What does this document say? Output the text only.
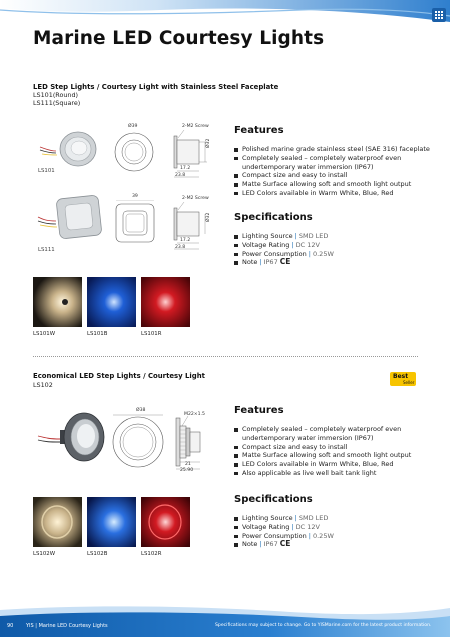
Marine LED Courtesy Lights
LED Step Lights / Courtesy Light with Stainless Steel Faceplate
LS101(Round)
LS111(Square)
LS101
Ø39	2-M2 Screw
Ø32
17.2
23.8
LS111
39	2-M2 Screw
Ø32
17.2
23.8
Features
Polished marine grade stainless steel (SAE 316) faceplate
Completely sealed – completely waterproof even undertemporary water immersion (IP67)
Compact size and easy to install
Matte Surface allowing soft and smooth light output
LED Colors available in Warm White, Blue, Red
Specifications
Lighting Source | SMD LED
Voltage Rating | DC 12V
Power Consumption | 0.25W
Note | IP67 CE
LS101W	LS101B	LS101R
Economical LED Step Lights / Courtesy Light
LS102
Best
Seller
Ø38
M22×1.5
21
25.90
Features
Completely sealed – completely waterproof even undertemporary water immersion (IP67)
Compact size and easy to install
Matte Surface allowing soft and smooth light output
LED Colors available in Warm White, Blue, Red
Also applicable as live well bait tank light
Specifications
Lighting Source | SMD LED
Voltage Rating | DC 12V
Power Consumption | 0.25W
Note | IP67 CE
LS102W	LS102B	LS102R
90	YIS | Marine LED Courtesy Lights	Specifications may subject to change. Go to YISMarine.com for the latest product information.
